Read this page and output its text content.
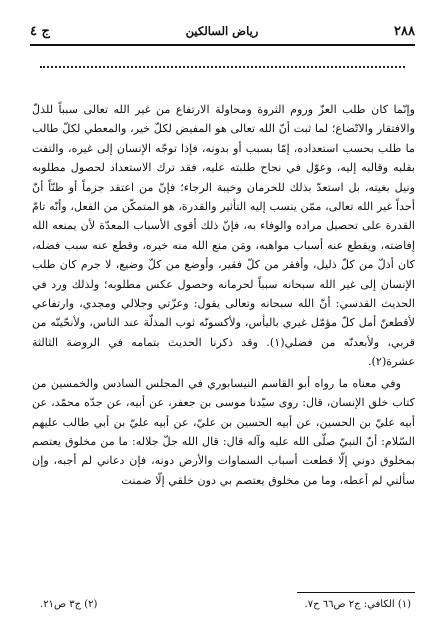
٢٨٨
رياض السالكين
ج ٤

وإنّما كان طلب العزّ وروم الثروة ومحاولة الارتفاع من غير الله تعالى سبباً للذلّ والافتقار والاتّضاع؛ لما ثبت أنّ الله تعالى هو المفيض لكلّ خير، والمعطي لكلّ طالب ما طلب بحسب استعداده، إمّا بسبب أو بدونه، فإذا توجّه الإنسان إلى غيره، والتفت بقلبه وقالبه إليه، وعوّل في نجاح طلبته عليه، فقد ترك الاستعداد لحصول مطلوبه ونيل بغيته، بل استعدّ بذلك للحرمان وخيبة الرجاء؛ فإنّ من اعتقد جزماً أو ظنّاً أنّ أحداً غير الله تعالى، ممّن ينسب إليه التأثير والقدرة، هو المتمكّن من الفعل، وأنّه تامّ القدرة على تحصيل مراده والوفاء به، فإنّ ذلك أقوى الأسباب المعدّة لأن يمنعه الله إفاضته، ويقطع عنه أسباب مواهبه، ومَن منع الله منه خيره، وقطع عنه سبب فضله، كان أذلّ من كلّ ذليل، وأفقر من كلّ فقير، وأوضع من كلّ وضيع، لا جرم كان طلب الإنسان إلى غير الله سبحانه سبباً لحرمانه وحصول عكس مطلوبه؛ ولذلك ورد في الحديث القدسي: أنّ الله سبحانه وتعالى يقول: وعزّتي وجلالي ومجدي، وارتفاعي لأقطعنّ أمل كلّ مؤمّل غيري باليأس، ولأكسونّه ثوب المذلّة عند الناس، ولأنحّينّه من قربي، ولأبعدنّه من فضلي(١). وقد ذكرنا الحديث بتمامه في الروضة الثالثة عشرة(٢).

وفي معناه ما رواه أبو القاسم النيسابوري في المجلس السادس والخمسين من كتاب خلق الإنسان، قال: روى سيّدنا موسى بن جعفر، عن أبيه، عن جدّه محمّد، عن أبيه عليّ بن الحسين، عن أبيه الحسين بن عليّ، عن أبيه عليّ بن أبي طالب عليهم السّلام: أنّ النبيّ صلّى الله عليه وآله قال: قال الله جلّ جلاله: ما من مخلوق يعتصم بمخلوق دوني إلّا قطعت أسباب السماوات والأرض دونه، فإن دعاني لم أجبه، وإن سألني لم أعطه، وما من مخلوق يعتصم بي دون خلقي إلّا ضمنت

(١) الكافي: ج٢ ص٦٦ ح٧.
(٢) ج٣ ص٢١.
